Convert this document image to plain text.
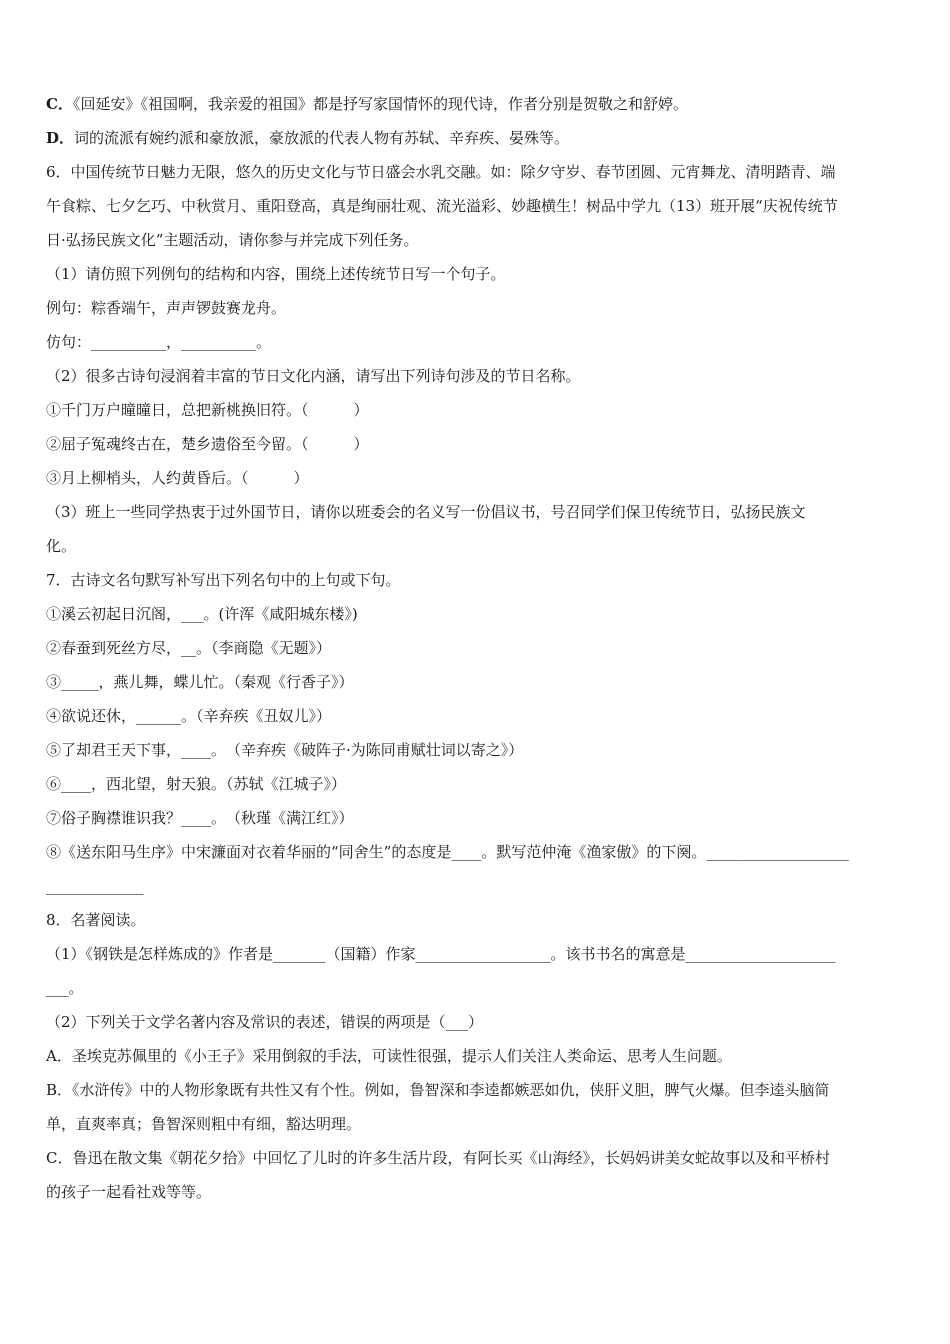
C．《回延安》《祖国啊，我亲爱的祖国》都是抒写家国情怀的现代诗，作者分别是贺敬之和舒婷。
D．词的流派有婉约派和豪放派，豪放派的代表人物有苏轼、辛弃疾、晏殊等。
6．中国传统节日魅力无限，悠久的历史文化与节日盛会水乳交融。如：除夕守岁、春节团圆、元宵舞龙、清明踏青、端
午食粽、七夕乞巧、中秋赏月、重阳登高，真是绚丽壮观、流光溢彩、妙趣横生！树品中学九（13）班开展“庆祝传统节
日·弘扬民族文化”主题活动，请你参与并完成下列任务。
（1）请仿照下列例句的结构和内容，围绕上述传统节日写一个句子。
例句：粽香端午，声声锣鼓赛龙舟。
仿句：__________，__________。
（2）很多古诗句浸润着丰富的节日文化内涵，请写出下列诗句涉及的节日名称。
①千门万户曈曈日，总把新桃换旧符。（　　　）
②屈子冤魂终古在，楚乡遗俗至今留。（　　　）
③月上柳梢头，人约黄昏后。（　　　）
（3）班上一些同学热衷于过外国节日，请你以班委会的名义写一份倡议书，号召同学们保卫传统节日，弘扬民族文
化。
7．古诗文名句默写补写出下列名句中的上句或下句。
①溪云初起日沉阁，___。(许浑《咸阳城东楼》)
②春蚕到死丝方尽，__。（李商隐《无题》）
③_____，燕儿舞，蝶儿忙。（秦观《行香子》）
④欲说还休，______。（辛弃疾《丑奴儿》）
⑤了却君王天下事，____。　（辛弃疾《破阵子·为陈同甫赋壮词以寄之》）
⑥____，西北望，射天狼。（苏轼《江城子》）
⑦俗子胸襟谁识我？____。　（秋瑾《满江红》）
⑧《送东阳马生序》中宋濂面对衣着华丽的“同舍生”的态度是____。默写范仲淹《渔家傲》的下阕。___________________
_____________
8．名著阅读。
（1）《钢铁是怎样炼成的》作者是_______（国籍）作家__________________。该书书名的寓意是____________________
___。
（2）下列关于文学名著内容及常识的表述，错误的两项是（___）
A．圣埃克苏佩里的《小王子》采用倒叙的手法，可读性很强，提示人们关注人类命运、思考人生问题。
B．《水浒传》中的人物形象既有共性又有个性。例如，鲁智深和李逵都嫉恶如仇，侠肝义胆，脾气火爆。但李逵头脑简
单，直爽率真；鲁智深则粗中有细，豁达明理。
C．鲁迅在散文集《朝花夕拾》中回忆了儿时的许多生活片段，有阿长买《山海经》，长妈妈讲美女蛇故事以及和平桥村
的孩子一起看社戏等等。
